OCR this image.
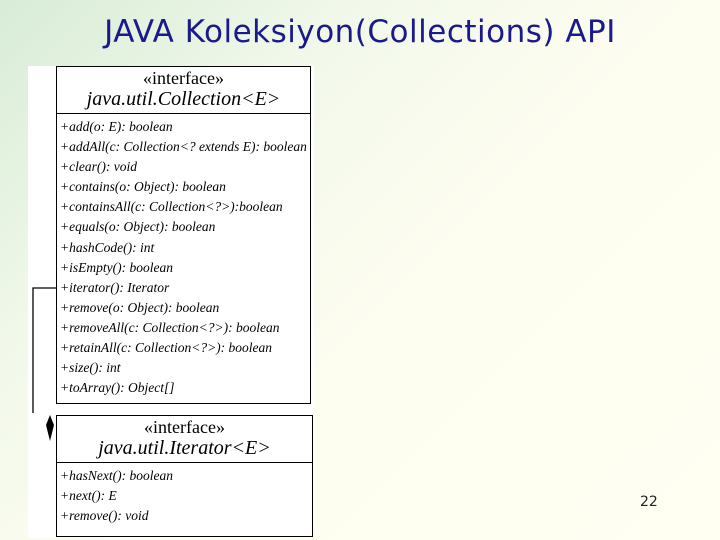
JAVA Koleksiyon(Collections) API
«interface»
java.util.Collection<E>
+add(o: E): boolean
+addAll(c: Collection<? extends E): boolean
+clear(): void
+contains(o: Object): boolean
+containsAll(c: Collection<?>):boolean
+equals(o: Object): boolean
+hashCode(): int
+isEmpty(): boolean
+iterator(): Iterator
+remove(o: Object): boolean
+removeAll(c: Collection<?>): boolean
+retainAll(c: Collection<?>): boolean
+size(): int
+toArray(): Object[]
«interface»
java.util.Iterator<E>
+hasNext(): boolean
+next(): E
+remove(): void
22
